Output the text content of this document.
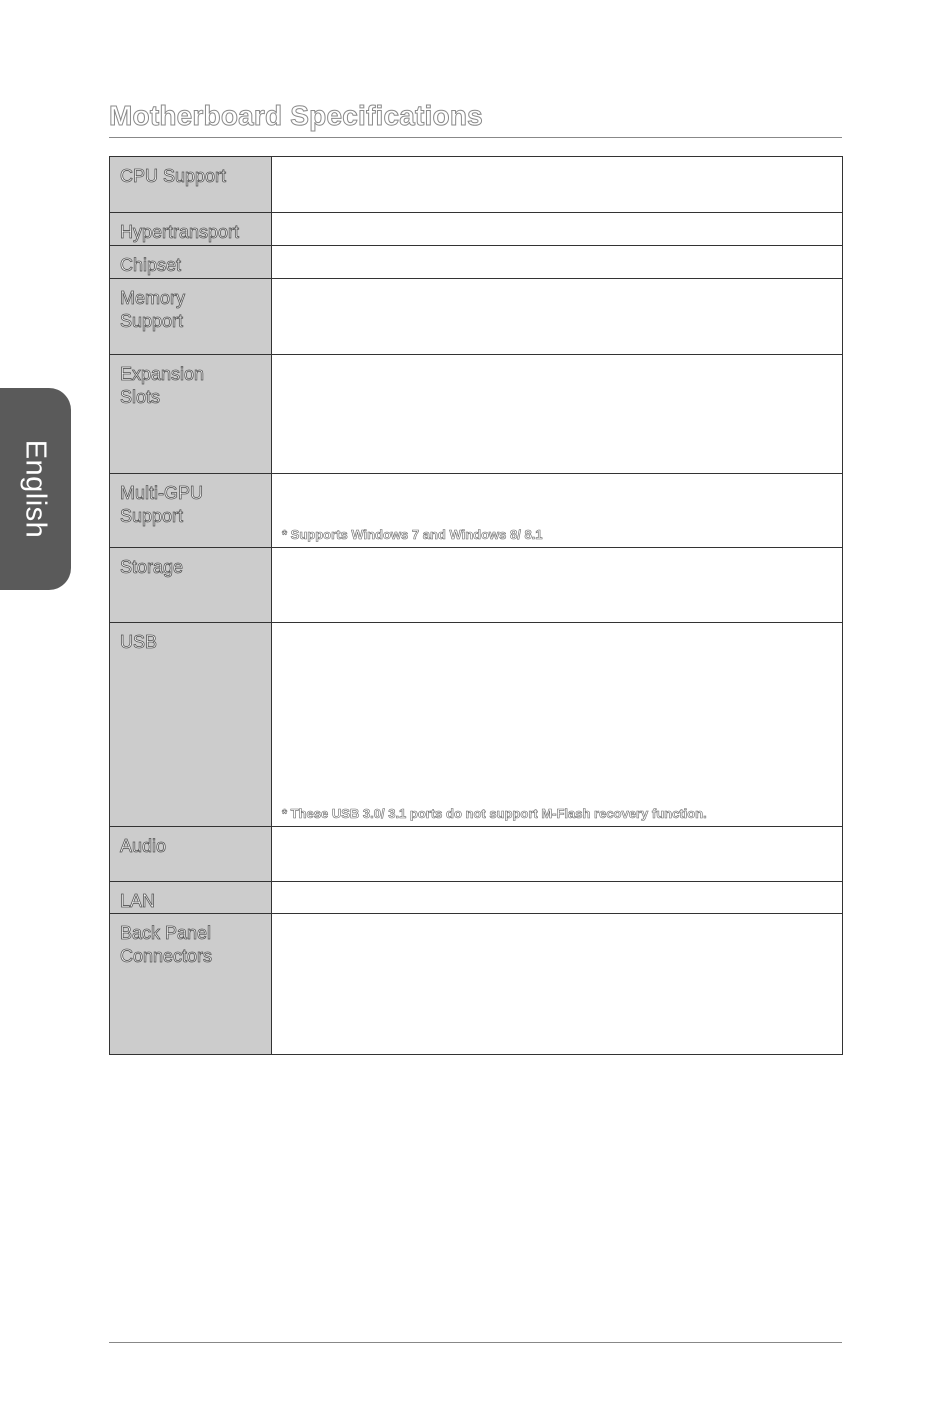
English
Motherboard Specifications
CPU Support	
Hypertransport	
Chipset	
Memory
Support	
Expansion
Slots	
Multi-GPU
Support	* Supports Windows 7 and Windows 8/ 8.1

Storage	
USB	* These USB 3.0/ 3.1 ports do not support M-Flash recovery function.

Audio	
LAN	
Back Panel
Connectors	
